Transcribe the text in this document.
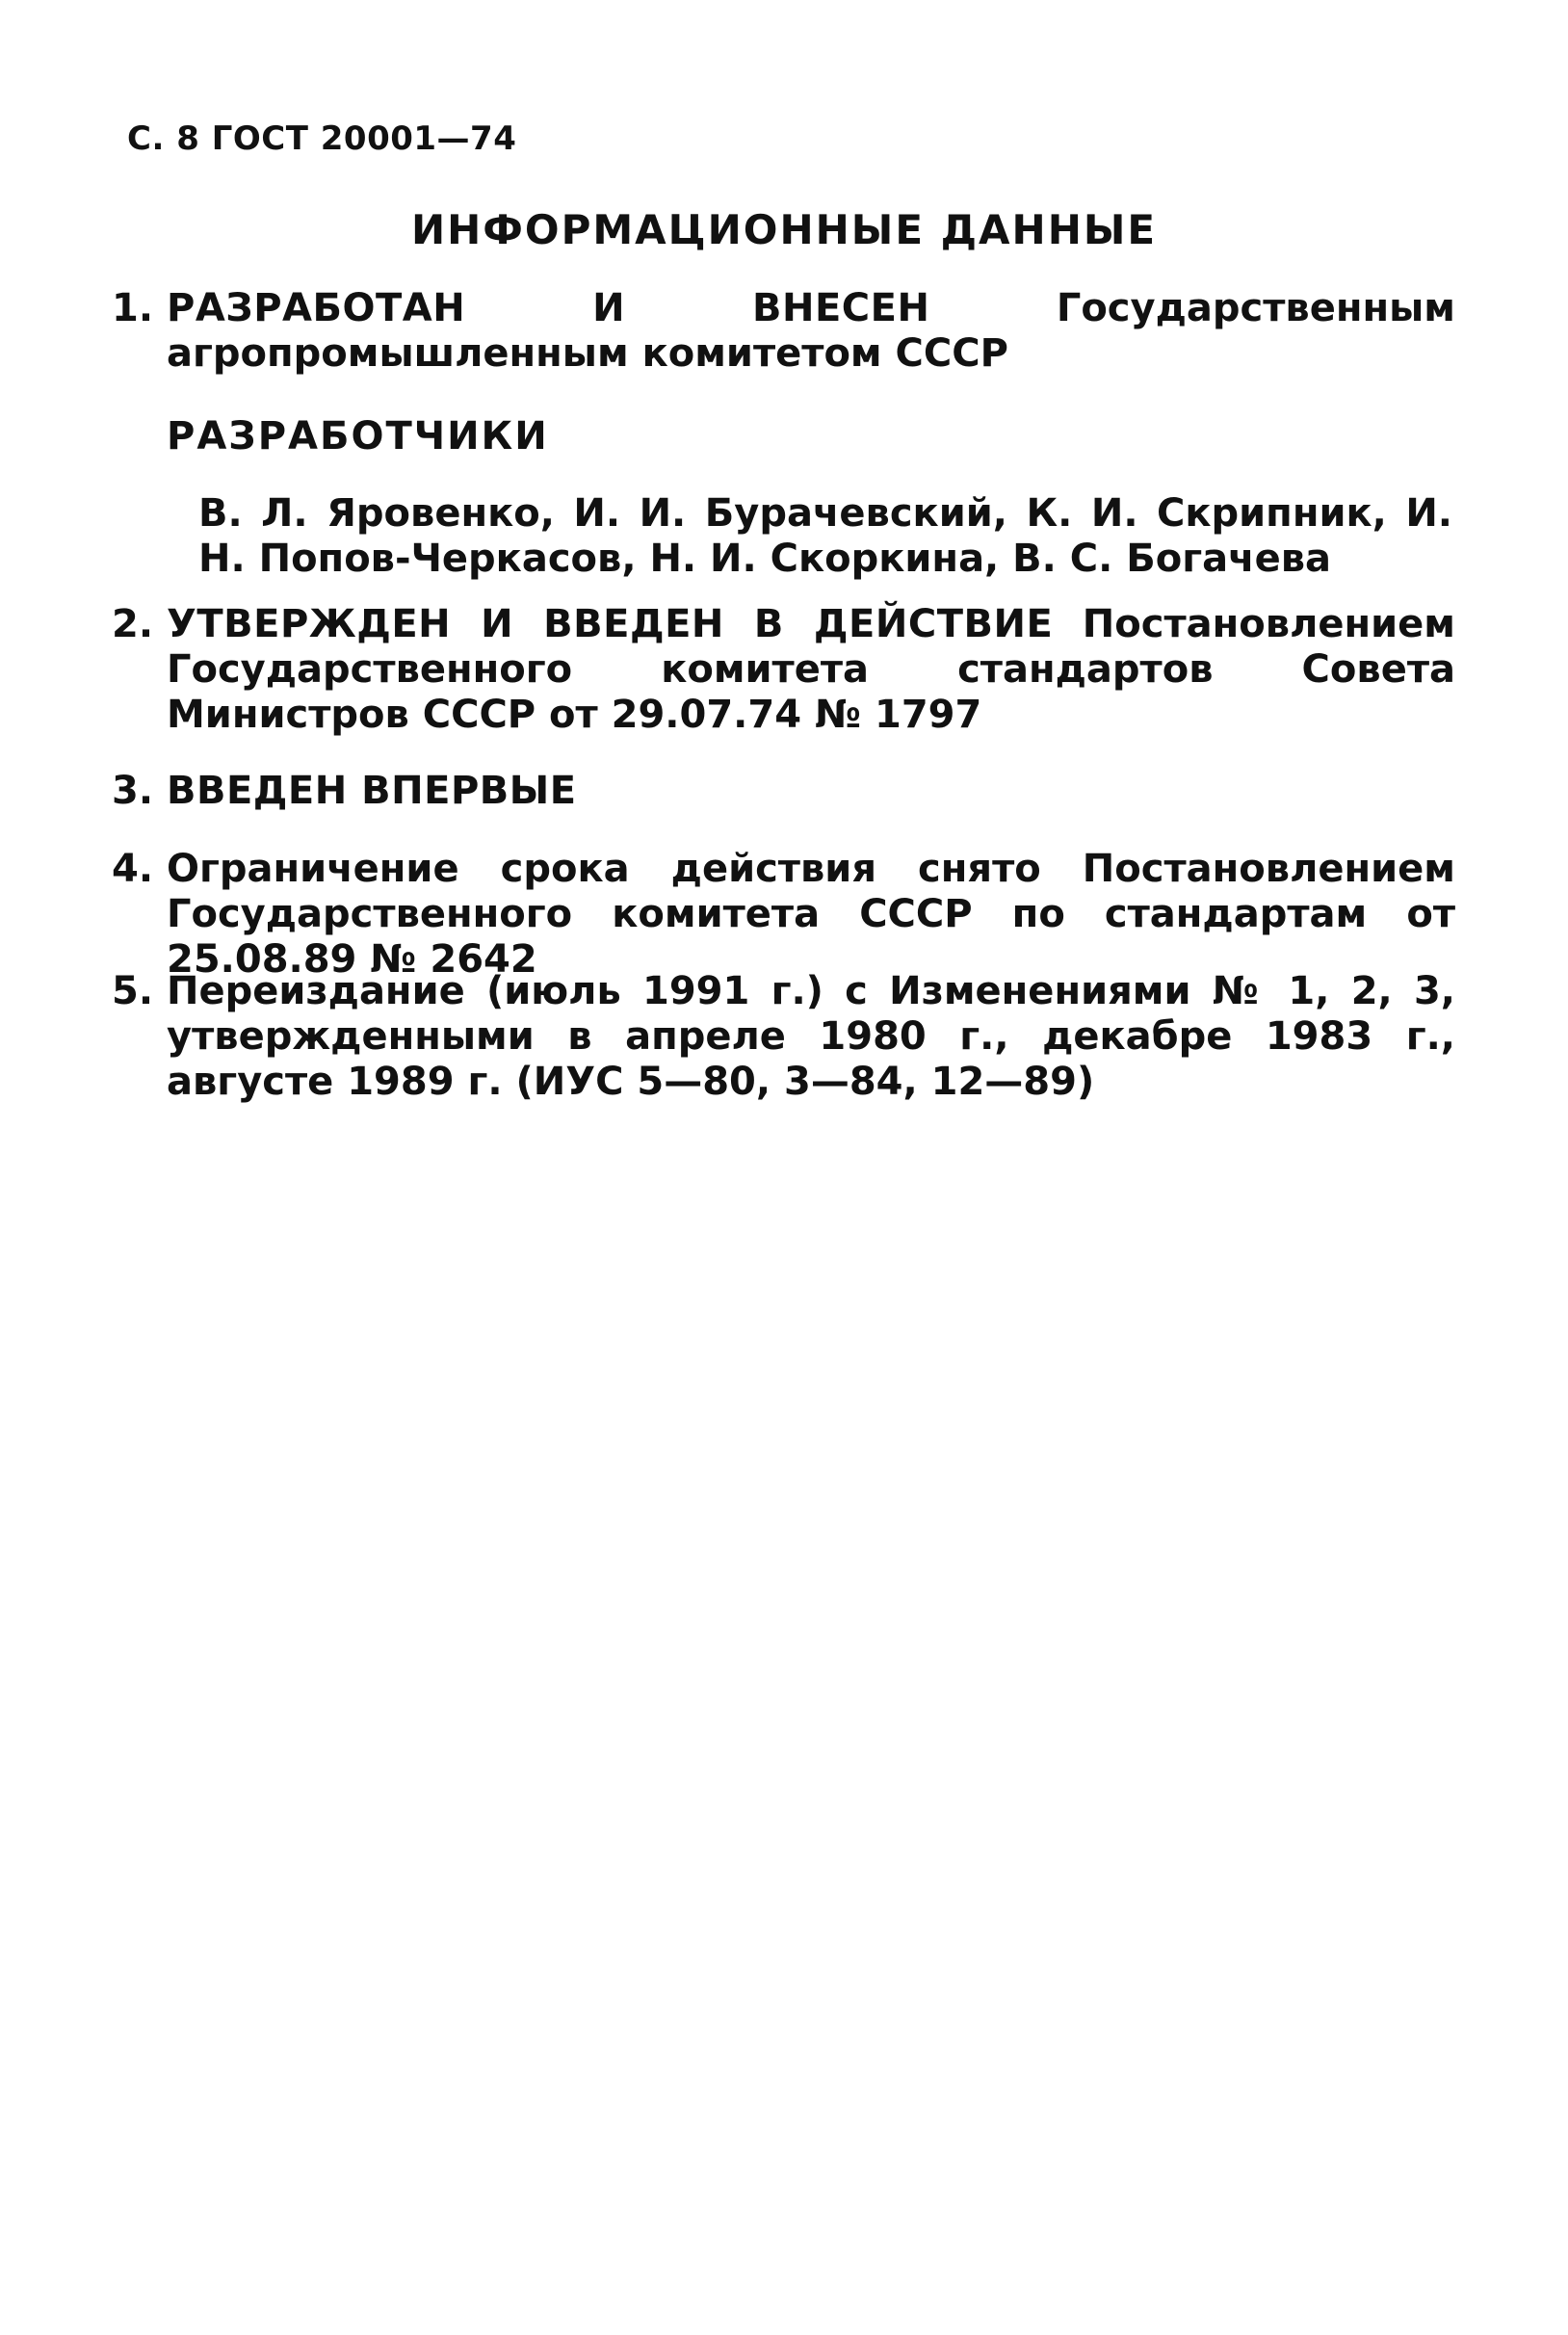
С. 8 ГОСТ 20001—74
ИНФОРМАЦИОННЫЕ ДАННЫЕ
1. РАЗРАБОТАН И ВНЕСЕН Государственным агропромышленным комитетом СССР
РАЗРАБОТЧИКИ
В. Л. Яровенко, И. И. Бурачевский, К. И. Скрипник, И. Н. Попов-Черкасов, Н. И. Скоркина, В. С. Богачева
2. УТВЕРЖДЕН И ВВЕДЕН В ДЕЙСТВИЕ Постановлением Государственного комитета стандартов Совета Министров СССР от 29.07.74 № 1797
3. ВВЕДЕН ВПЕРВЫЕ
4. Ограничение срока действия снято Постановлением Государственного комитета СССР по стандартам от 25.08.89 № 2642
5. Переиздание (июль 1991 г.) с Изменениями № 1, 2, 3, утвержденными в апреле 1980 г., декабре 1983 г., августе 1989 г. (ИУС 5—80, 3—84, 12—89)
